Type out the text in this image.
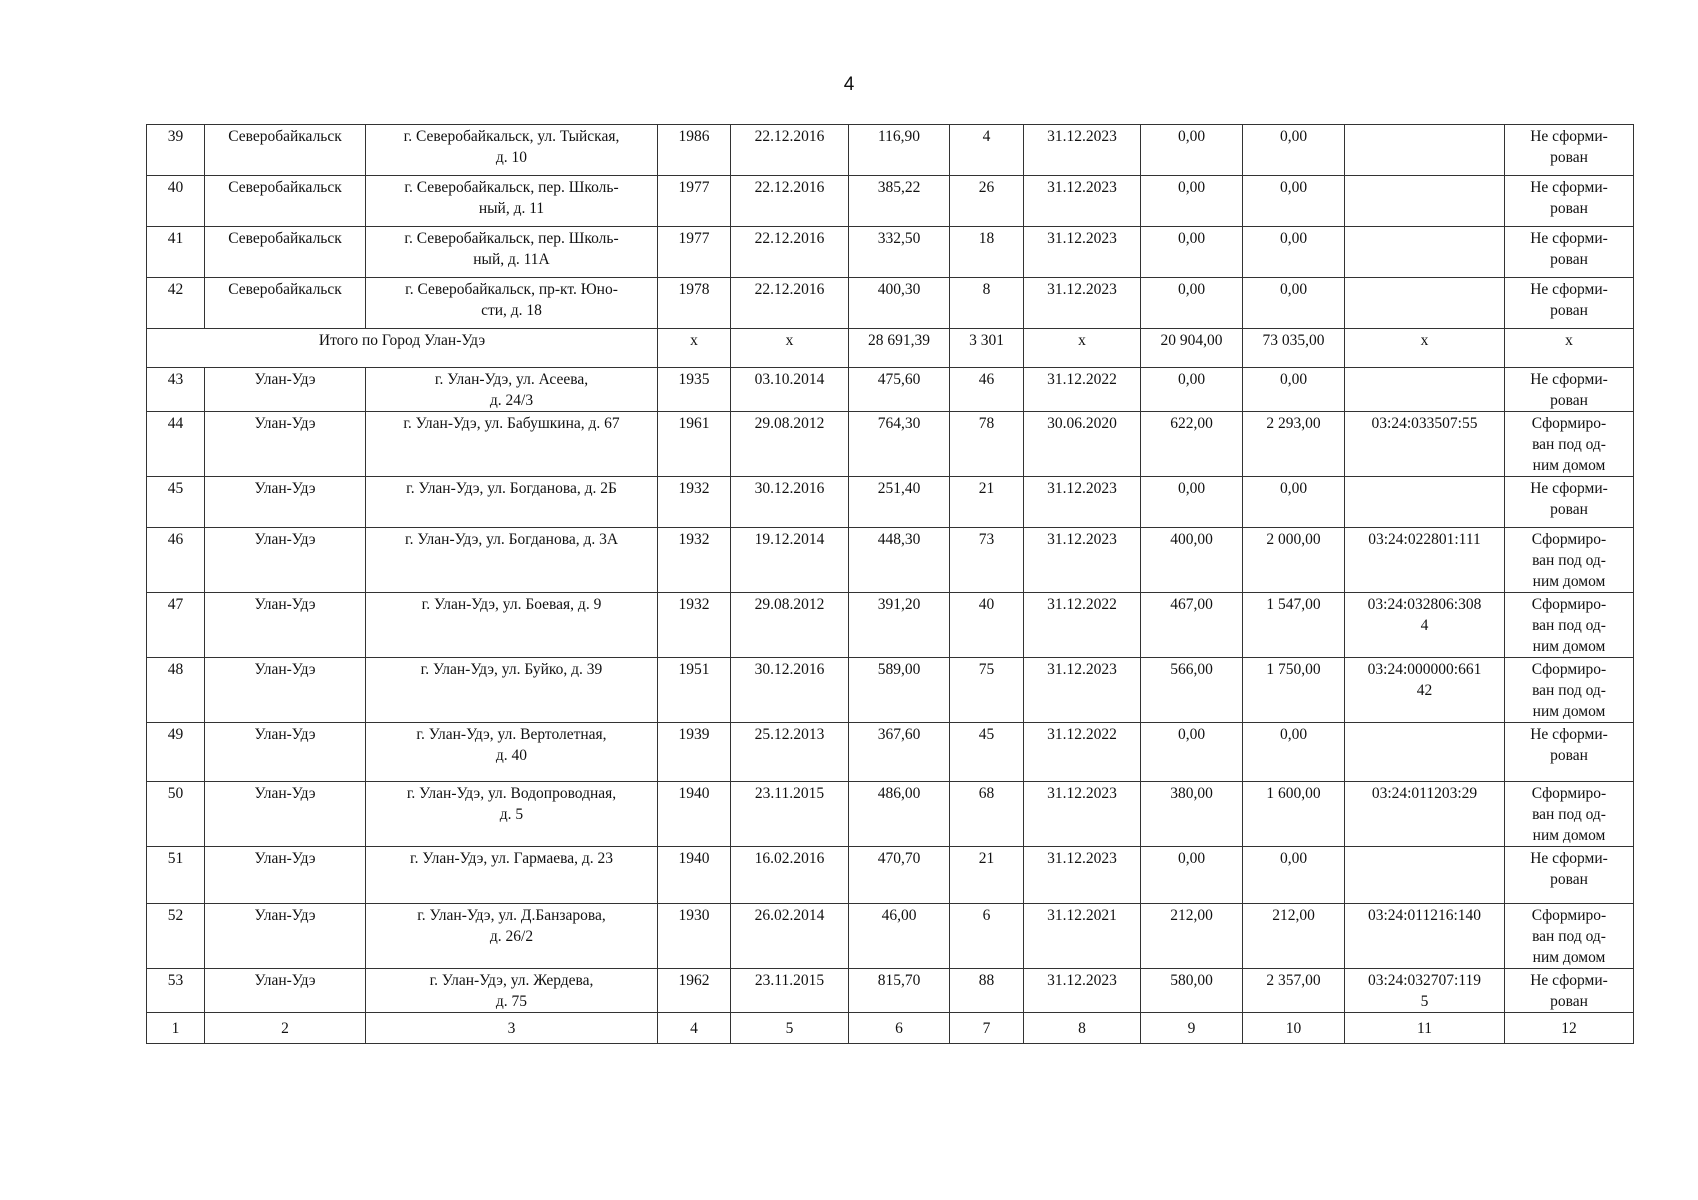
4
39	Северобайкальск	г. Северобайкальск, ул. Тыйская,
д. 10	1986	22.12.2016	116,90	4	31.12.2023	0,00	0,00		Не сформи-
рован
40	Северобайкальск	г. Северобайкальск, пер. Школь-
ный, д. 11	1977	22.12.2016	385,22	26	31.12.2023	0,00	0,00		Не сформи-
рован
41	Северобайкальск	г. Северобайкальск, пер. Школь-
ный, д. 11А	1977	22.12.2016	332,50	18	31.12.2023	0,00	0,00		Не сформи-
рован
42	Северобайкальск	г. Северобайкальск, пр-кт. Юно-
сти, д. 18	1978	22.12.2016	400,30	8	31.12.2023	0,00	0,00		Не сформи-
рован
Итого по Город Улан-Удэ			х	х	28 691,39	3 301	х	20 904,00	73 035,00	х	х
43	Улан-Удэ	г. Улан-Удэ, ул. Асеева,
д. 24/3	1935	03.10.2014	475,60	46	31.12.2022	0,00	0,00		Не сформи-
рован
44	Улан-Удэ	г. Улан-Удэ, ул. Бабушкина, д. 67	1961	29.08.2012	764,30	78	30.06.2020	622,00	2 293,00	03:24:033507:55	Сформиро-
ван под од-
ним домом
45	Улан-Удэ	г. Улан-Удэ, ул. Богданова, д. 2Б	1932	30.12.2016	251,40	21	31.12.2023	0,00	0,00		Не сформи-
рован
46	Улан-Удэ	г. Улан-Удэ, ул. Богданова, д. 3А	1932	19.12.2014	448,30	73	31.12.2023	400,00	2 000,00	03:24:022801:111	Сформиро-
ван под од-
ним домом
47	Улан-Удэ	г. Улан-Удэ, ул. Боевая, д. 9	1932	29.08.2012	391,20	40	31.12.2022	467,00	1 547,00	03:24:032806:308
4	Сформиро-
ван под од-
ним домом
48	Улан-Удэ	г. Улан-Удэ, ул. Буйко, д. 39	1951	30.12.2016	589,00	75	31.12.2023	566,00	1 750,00	03:24:000000:661
42	Сформиро-
ван под од-
ним домом
49	Улан-Удэ	г. Улан-Удэ, ул. Вертолетная,
д. 40	1939	25.12.2013	367,60	45	31.12.2022	0,00	0,00		Не сформи-
рован
50	Улан-Удэ	г. Улан-Удэ, ул. Водопроводная,
д. 5	1940	23.11.2015	486,00	68	31.12.2023	380,00	1 600,00	03:24:011203:29	Сформиро-
ван под од-
ним домом
51	Улан-Удэ	г. Улан-Удэ, ул. Гармаева, д. 23	1940	16.02.2016	470,70	21	31.12.2023	0,00	0,00		Не сформи-
рован
52	Улан-Удэ	г. Улан-Удэ, ул. Д.Банзарова,
д. 26/2	1930	26.02.2014	46,00	6	31.12.2021	212,00	212,00	03:24:011216:140	Сформиро-
ван под од-
ним домом
53	Улан-Удэ	г. Улан-Удэ, ул. Жердева,
д. 75	1962	23.11.2015	815,70	88	31.12.2023	580,00	2 357,00	03:24:032707:119
5	Не сформи-
рован
1	2	3	4	5	6	7	8	9	10	11	12
